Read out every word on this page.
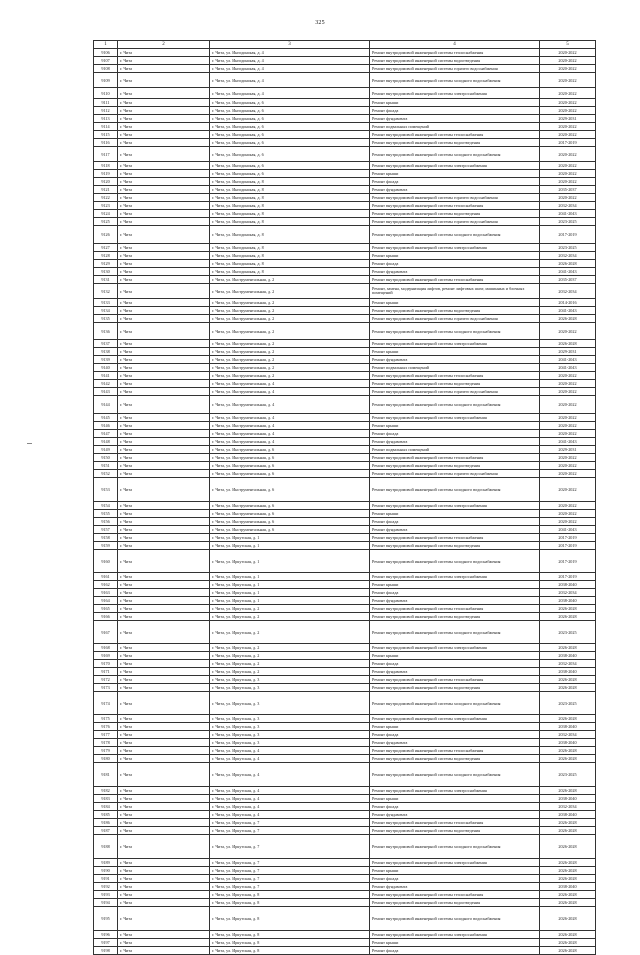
325
1	2	3	4	5
9106	г. Чита	г. Чита, ул. Ингодинская, д. 4	Ремонт внутридомовой инженерной системы теплоснабжения	2020-2022
9107	г. Чита	г. Чита, ул. Ингодинская, д. 4	Ремонт внутридомовой инженерной системы водоотведения	2020-2022
9108	г. Чита	г. Чита, ул. Ингодинская, д. 4	Ремонт внутридомовой инженерной системы горячего водоснабжения	2020-2022
9109	г. Чита	г. Чита, ул. Ингодинская, д. 4	Ремонт внутридомовой инженерной системы холодного водоснабжения	2020-2022
9110	г. Чита	г. Чита, ул. Ингодинская, д. 4	Ремонт внутридомовой инженерной системы электроснабжения	2020-2022
9111	г. Чита	г. Чита, ул. Ингодинская, д. 6	Ремонт крыши	2020-2022
9112	г. Чита	г. Чита, ул. Ингодинская, д. 6	Ремонт фасада	2020-2022
9113	г. Чита	г. Чита, ул. Ингодинская, д. 6	Ремонт фундамента	2029-2031
9114	г. Чита	г. Чита, ул. Ингодинская, д. 6	Ремонт подвальных помещений	2020-2022
9115	г. Чита	г. Чита, ул. Ингодинская, д. 6	Ремонт внутридомовой инженерной системы теплоснабжения	2020-2022
9116	г. Чита	г. Чита, ул. Ингодинская, д. 6	Ремонт внутридомовой инженерной системы водоотведения	2017-2019
9117	г. Чита	г. Чита, ул. Ингодинская, д. 6	Ремонт внутридомовой инженерной системы холодного водоснабжения	2020-2022
9118	г. Чита	г. Чита, ул. Ингодинская, д. 6	Ремонт внутридомовой инженерной системы электроснабжения	2020-2022
9119	г. Чита	г. Чита, ул. Ингодинская, д. 6	Ремонт крыши	2020-2022
9120	г. Чита	г. Чита, ул. Ингодинская, д. 8	Ремонт фасада	2020-2022
9121	г. Чита	г. Чита, ул. Ингодинская, д. 8	Ремонт фундамента	2035-2037
9122	г. Чита	г. Чита, ул. Ингодинская, д. 8	Ремонт внутридомовой инженерной системы горячего водоснабжения	2020-2022
9123	г. Чита	г. Чита, ул. Ингодинская, д. 8	Ремонт внутридомовой инженерной системы теплоснабжения	2032-2034
9124	г. Чита	г. Чита, ул. Ингодинская, д. 8	Ремонт внутридомовой инженерной системы водоотведения	2041-2043
9125	г. Чита	г. Чита, ул. Ингодинская, д. 8	Ремонт внутридомовой инженерной системы горячего водоснабжения	2023-2025
9126	г. Чита	г. Чита, ул. Ингодинская, д. 8	Ремонт внутридомовой инженерной системы холодного водоснабжения	2017-2019
9127	г. Чита	г. Чита, ул. Ингодинская, д. 8	Ремонт внутридомовой инженерной системы электроснабжения	2023-2025
9128	г. Чита	г. Чита, ул. Ингодинская, д. 8	Ремонт крыши	2032-2034
9129	г. Чита	г. Чита, ул. Ингодинская, д. 8	Ремонт фасада	2026-2028
9130	г. Чита	г. Чита, ул. Ингодинская, д. 8	Ремонт фундамента	2041-2043
9131	г. Чита	г. Чита, ул. Инструментальная, д. 2	Ремонт внутридомовой инженерной системы теплоснабжения	2035-2037
9132	г. Чита	г. Чита, ул. Инструментальная, д. 2	Ремонт, замена, модернизация лифтов, ремонт лифтовых шахт, машинных и блочных помещений	2032-2034
9133	г. Чита	г. Чита, ул. Инструментальная, д. 2	Ремонт крыши	2014-2016
9134	г. Чита	г. Чита, ул. Инструментальная, д. 2	Ремонт внутридомовой инженерной системы водоотведения	2041-2043
9135	г. Чита	г. Чита, ул. Инструментальная, д. 2	Ремонт внутридомовой инженерной системы горячего водоснабжения	2026-2028
9136	г. Чита	г. Чита, ул. Инструментальная, д. 2	Ремонт внутридомовой инженерной системы холодного водоснабжения	2020-2022
9137	г. Чита	г. Чита, ул. Инструментальная, д. 2	Ремонт внутридомовой инженерной системы электроснабжения	2026-2028
9138	г. Чита	г. Чита, ул. Инструментальная, д. 2	Ремонт крыши	2029-2031
9139	г. Чита	г. Чита, ул. Инструментальная, д. 2	Ремонт фундамента	2041-2043
9140	г. Чита	г. Чита, ул. Инструментальная, д. 2	Ремонт подвальных помещений	2041-2043
9141	г. Чита	г. Чита, ул. Инструментальная, д. 2	Ремонт внутридомовой инженерной системы теплоснабжения	2020-2022
9142	г. Чита	г. Чита, ул. Инструментальная, д. 4	Ремонт внутридомовой инженерной системы водоотведения	2020-2022
9143	г. Чита	г. Чита, ул. Инструментальная, д. 4	Ремонт внутридомовой инженерной системы горячего водоснабжения	2020-2022
9144	г. Чита	г. Чита, ул. Инструментальная, д. 4	Ремонт внутридомовой инженерной системы холодного водоснабжения	2020-2022
9145	г. Чита	г. Чита, ул. Инструментальная, д. 4	Ремонт внутридомовой инженерной системы электроснабжения	2020-2022
9146	г. Чита	г. Чита, ул. Инструментальная, д. 4	Ремонт крыши	2020-2022
9147	г. Чита	г. Чита, ул. Инструментальная, д. 4	Ремонт фасада	2020-2022
9148	г. Чита	г. Чита, ул. Инструментальная, д. 4	Ремонт фундамента	2041-2043
9149	г. Чита	г. Чита, ул. Инструментальная, д. 6	Ремонт подвальных помещений	2029-2031
9150	г. Чита	г. Чита, ул. Инструментальная, д. 6	Ремонт внутридомовой инженерной системы теплоснабжения	2020-2022
9151	г. Чита	г. Чита, ул. Инструментальная, д. 6	Ремонт внутридомовой инженерной системы водоотведения	2020-2022
9152	г. Чита	г. Чита, ул. Инструментальная, д. 6	Ремонт внутридомовой инженерной системы горячего водоснабжения	2020-2022
9153	г. Чита	г. Чита, ул. Инструментальная, д. 6	Ремонт внутридомовой инженерной системы холодного водоснабжения	2020-2022
9154	г. Чита	г. Чита, ул. Инструментальная, д. 6	Ремонт внутридомовой инженерной системы электроснабжения	2020-2022
9155	г. Чита	г. Чита, ул. Инструментальная, д. 6	Ремонт крыши	2020-2022
9156	г. Чита	г. Чита, ул. Инструментальная, д. 6	Ремонт фасада	2020-2022
9157	г. Чита	г. Чита, ул. Инструментальная, д. 6	Ремонт фундамента	2041-2043
9158	г. Чита	г. Чита, ул. Иркутская, д. 1	Ремонт внутридомовой инженерной системы теплоснабжения	2017-2019
9159	г. Чита	г. Чита, ул. Иркутская, д. 1	Ремонт внутридомовой инженерной системы водоотведения	2017-2019
9160	г. Чита	г. Чита, ул. Иркутская, д. 1	Ремонт внутридомовой инженерной системы холодного водоснабжения	2017-2019
9161	г. Чита	г. Чита, ул. Иркутская, д. 1	Ремонт внутридомовой инженерной системы электроснабжения	2017-2019
9162	г. Чита	г. Чита, ул. Иркутская, д. 1	Ремонт крыши	2038-2040
9163	г. Чита	г. Чита, ул. Иркутская, д. 1	Ремонт фасада	2032-2034
9164	г. Чита	г. Чита, ул. Иркутская, д. 1	Ремонт фундамента	2038-2040
9165	г. Чита	г. Чита, ул. Иркутская, д. 2	Ремонт внутридомовой инженерной системы теплоснабжения	2026-2028
9166	г. Чита	г. Чита, ул. Иркутская, д. 2	Ремонт внутридомовой инженерной системы водоотведения	2026-2028
9167	г. Чита	г. Чита, ул. Иркутская, д. 2	Ремонт внутридомовой инженерной системы холодного водоснабжения	2023-2025
9168	г. Чита	г. Чита, ул. Иркутская, д. 2	Ремонт внутридомовой инженерной системы электроснабжения	2026-2028
9169	г. Чита	г. Чита, ул. Иркутская, д. 2	Ремонт крыши	2038-2040
9170	г. Чита	г. Чита, ул. Иркутская, д. 2	Ремонт фасада	2032-2034
9171	г. Чита	г. Чита, ул. Иркутская, д. 2	Ремонт фундамента	2038-2040
9172	г. Чита	г. Чита, ул. Иркутская, д. 3	Ремонт внутридомовой инженерной системы теплоснабжения	2026-2028
9173	г. Чита	г. Чита, ул. Иркутская, д. 3	Ремонт внутридомовой инженерной системы водоотведения	2026-2028
9174	г. Чита	г. Чита, ул. Иркутская, д. 3	Ремонт внутридомовой инженерной системы холодного водоснабжения	2023-2025
9175	г. Чита	г. Чита, ул. Иркутская, д. 3	Ремонт внутридомовой инженерной системы электроснабжения	2026-2028
9176	г. Чита	г. Чита, ул. Иркутская, д. 3	Ремонт крыши	2038-2040
9177	г. Чита	г. Чита, ул. Иркутская, д. 3	Ремонт фасада	2032-2034
9178	г. Чита	г. Чита, ул. Иркутская, д. 3	Ремонт фундамента	2038-2040
9179	г. Чита	г. Чита, ул. Иркутская, д. 4	Ремонт внутридомовой инженерной системы теплоснабжения	2026-2028
9180	г. Чита	г. Чита, ул. Иркутская, д. 4	Ремонт внутридомовой инженерной системы водоотведения	2026-2028
9181	г. Чита	г. Чита, ул. Иркутская, д. 4	Ремонт внутридомовой инженерной системы холодного водоснабжения	2023-2025
9182	г. Чита	г. Чита, ул. Иркутская, д. 4	Ремонт внутридомовой инженерной системы электроснабжения	2026-2028
9183	г. Чита	г. Чита, ул. Иркутская, д. 4	Ремонт крыши	2038-2040
9184	г. Чита	г. Чита, ул. Иркутская, д. 4	Ремонт фасада	2032-2034
9185	г. Чита	г. Чита, ул. Иркутская, д. 4	Ремонт фундамента	2038-2040
9186	г. Чита	г. Чита, ул. Иркутская, д. 7	Ремонт внутридомовой инженерной системы теплоснабжения	2026-2028
9187	г. Чита	г. Чита, ул. Иркутская, д. 7	Ремонт внутридомовой инженерной системы водоотведения	2026-2028
9188	г. Чита	г. Чита, ул. Иркутская, д. 7	Ремонт внутридомовой инженерной системы холодного водоснабжения	2026-2028
9189	г. Чита	г. Чита, ул. Иркутская, д. 7	Ремонт внутридомовой инженерной системы электроснабжения	2026-2028
9190	г. Чита	г. Чита, ул. Иркутская, д. 7	Ремонт крыши	2026-2028
9191	г. Чита	г. Чита, ул. Иркутская, д. 7	Ремонт фасада	2026-2028
9192	г. Чита	г. Чита, ул. Иркутская, д. 7	Ремонт фундамента	2038-2040
9193	г. Чита	г. Чита, ул. Иркутская, д. 8	Ремонт внутридомовой инженерной системы теплоснабжения	2026-2028
9194	г. Чита	г. Чита, ул. Иркутская, д. 8	Ремонт внутридомовой инженерной системы водоотведения	2026-2028
9195	г. Чита	г. Чита, ул. Иркутская, д. 8	Ремонт внутридомовой инженерной системы холодного водоснабжения	2026-2028
9196	г. Чита	г. Чита, ул. Иркутская, д. 8	Ремонт внутридомовой инженерной системы электроснабжения	2026-2028
9197	г. Чита	г. Чита, ул. Иркутская, д. 8	Ремонт крыши	2026-2028
9198	г. Чита	г. Чита, ул. Иркутская, д. 8	Ремонт фасада	2026-2028
